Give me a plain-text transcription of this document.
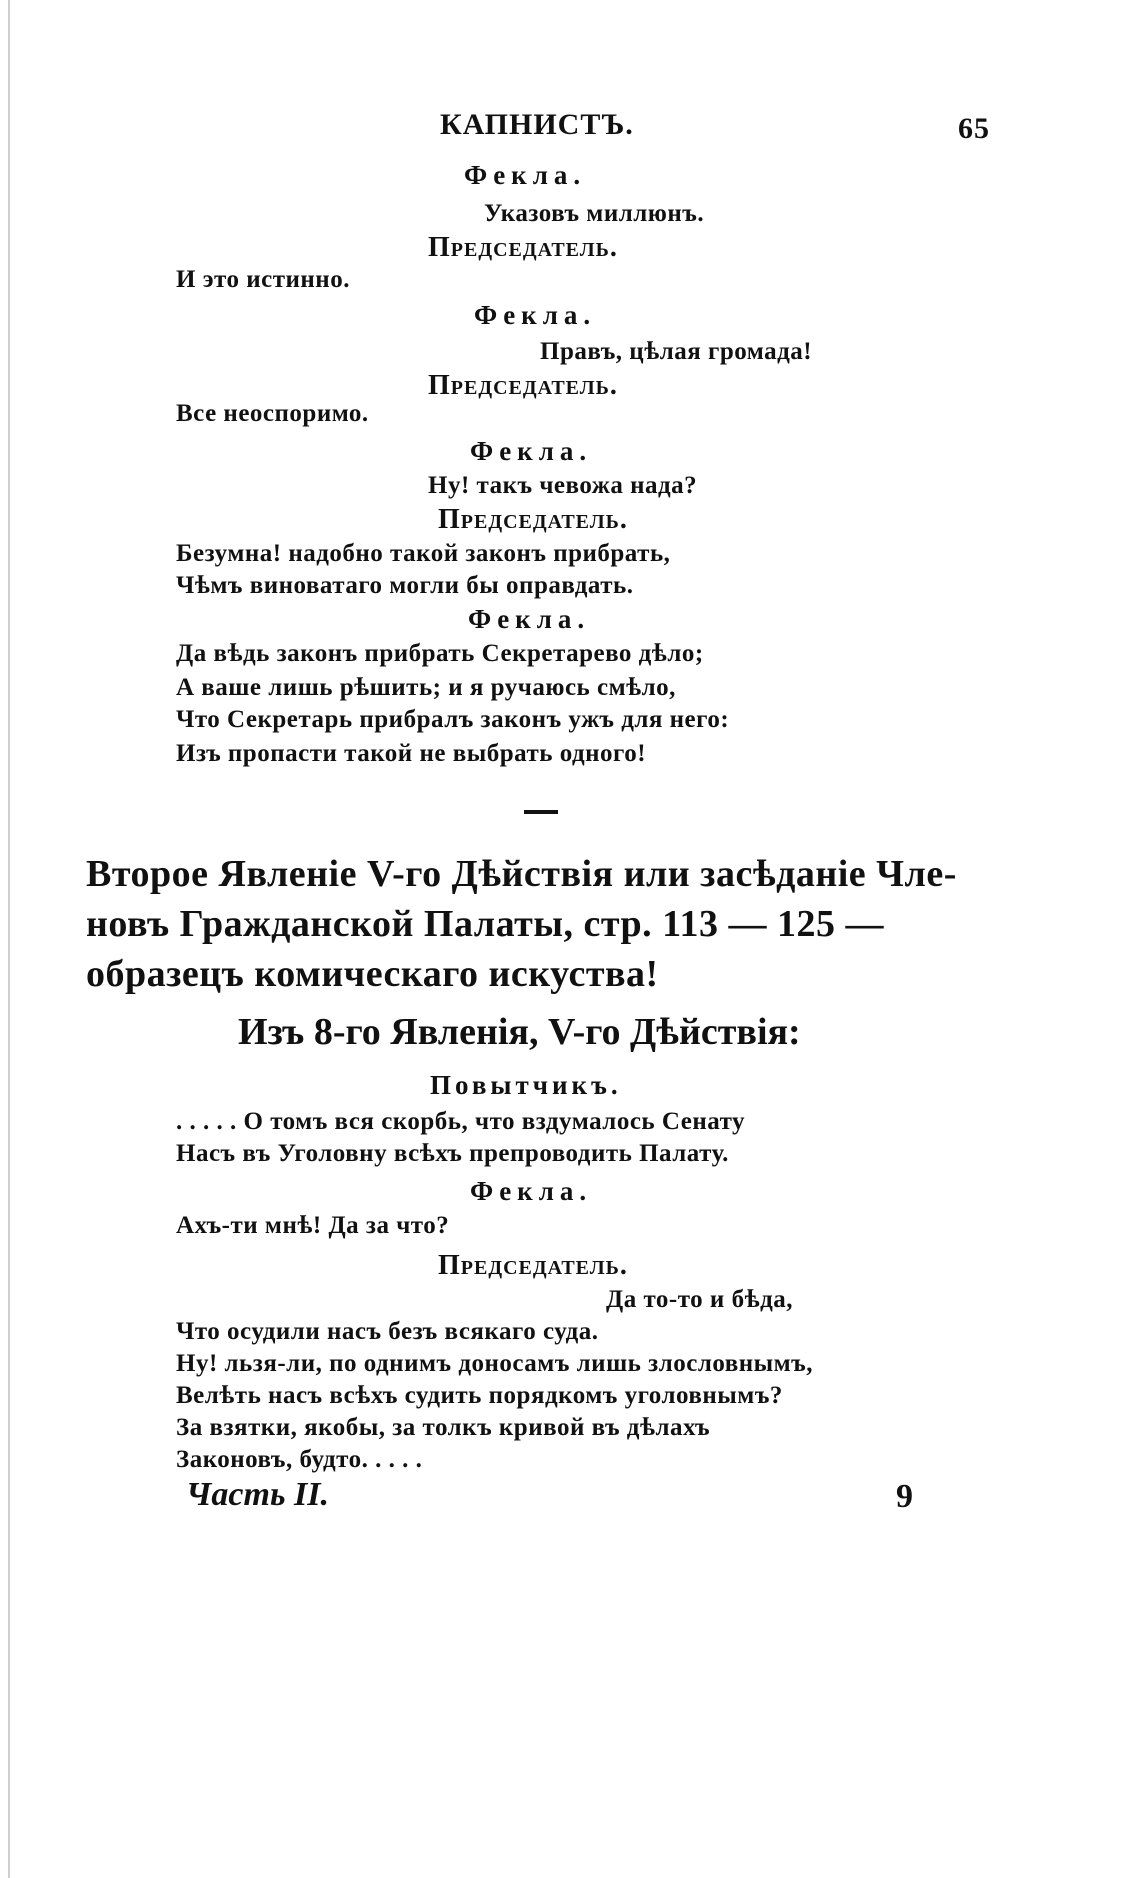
КАПНИСТЪ.	65
Фекла.
Указовъ миллюнъ.
Председатель.
И это истинно.
Фекла.
Правъ, цѣлая громада!
Председатель.
Все неоспоримо.
Фекла.
Ну! такъ чевожа нада?
Председатель.
Безумна! надобно такой законъ прибрать,
Чѣмъ виноватаго могли бы оправдать.
Фекла.
Да вѣдь законъ прибрать Секретарево дѣло;
А ваше лишь рѣшить; и я ручаюсь смѣло,
Что Секретарь прибралъ законъ ужъ для него:
Изъ пропасти такой не выбрать одного!
Второе Явленіе V-го Дѣйствія или засѣданіе Чле-
новъ Гражданской Палаты, стр. 113 — 125 —
образецъ комическаго искуства!
Изъ 8-го Явленія, V-го Дѣйствія:
Повытчикъ.
. . . . . О томъ вся скорбь, что вздумалось Сенату
Насъ въ Уголовну всѣхъ препроводить Палату.
Фекла.
Ахъ-ти мнѣ! Да за что?
Председатель.
Да то-то и бѣда,
Что осудили насъ безъ всякаго суда.
Ну! льзя-ли, по однимъ доносамъ лишь злословнымъ,
Велѣть насъ всѣхъ судить порядкомъ уголовнымъ?
За взятки, якобы, за толкъ кривой въ дѣлахъ
Законовъ, будто. . . . .
Часть II.	9
